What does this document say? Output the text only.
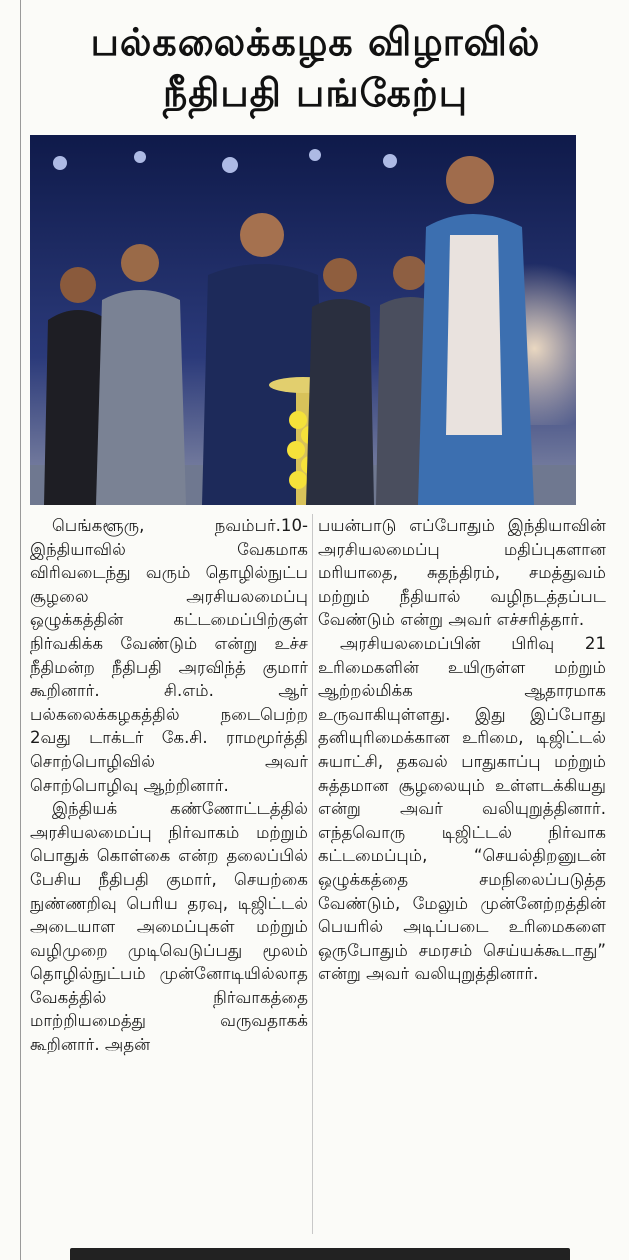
பல்கலைக்கழக விழாவில்
நீதிபதி பங்கேற்பு

பெங்களூரு, நவம்பர்.10- இந்தியாவில் வேகமாக விரிவடைந்து வரும் தொழில்நுட்ப சூழலை அரசியலமைப்பு ஒழுக்கத்தின் கட்டமைப்பிற்குள் நிர்வகிக்க வேண்டும் என்று உச்ச நீதிமன்ற நீதிபதி அரவிந்த் குமார் கூறினார். சி.எம். ஆர் பல்கலைக்கழகத்தில் நடைபெற்ற 2வது டாக்டர் கே.சி. ராமமூர்த்தி சொற்பொழிவில் அவர் சொற்பொழிவு ஆற்றினார்.

இந்தியக் கண்ணோட்டத்தில் அரசியலமைப்பு நிர்வாகம் மற்றும் பொதுக் கொள்கை என்ற தலைப்பில் பேசிய நீதிபதி குமார், செயற்கை நுண்ணறிவு பெரிய தரவு, டிஜிட்டல் அடையாள அமைப்புகள் மற்றும் வழிமுறை முடிவெடுப்பது மூலம் தொழில்நுட்பம் முன்னோடியில்லாத வேகத்தில் நிர்வாகத்தை மாற்றியமைத்து வருவதாகக் கூறினார். அதன்

பயன்பாடு எப்போதும் இந்தியாவின் அரசியலமைப்பு மதிப்புகளான மரியாதை, சுதந்திரம், சமத்துவம் மற்றும் நீதியால் வழிநடத்தப்பட வேண்டும் என்று அவர் எச்சரித்தார்.

அரசியலமைப்பின் பிரிவு 21 உரிமைகளின் உயிருள்ள மற்றும் ஆற்றல்மிக்க ஆதாரமாக உருவாகியுள்ளது. இது இப்போது தனியுரிமைக்கான உரிமை, டிஜிட்டல் சுயாட்சி, தகவல் பாதுகாப்பு மற்றும் சுத்தமான சூழலையும் உள்ளடக்கியது என்று அவர் வலியுறுத்தினார். எந்தவொரு டிஜிட்டல் நிர்வாக கட்டமைப்பும், “செயல்திறனுடன் ஒழுக்கத்தை சமநிலைப்படுத்த வேண்டும், மேலும் முன்னேற்றத்தின் பெயரில் அடிப்படை உரிமைகளை ஒருபோதும் சமரசம் செய்யக்கூடாது” என்று அவர் வலியுறுத்தினார்.
